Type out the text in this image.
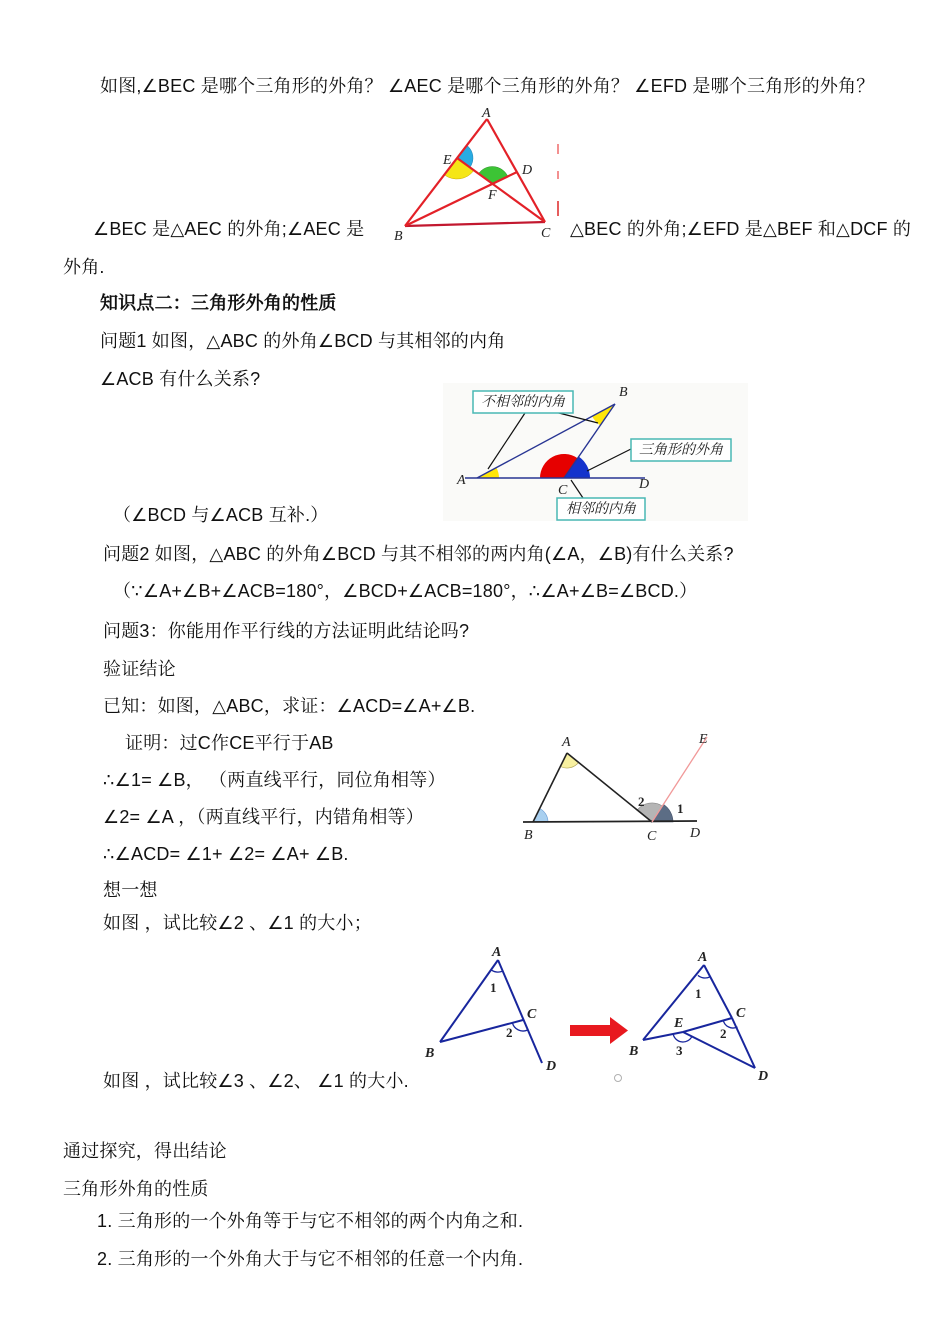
如图,∠BEC 是哪个三角形的外角？ ∠AEC 是哪个三角形的外角？ ∠EFD 是哪个三角形的外角？
∠BEC 是△AEC 的外角;∠AEC 是	△BEC 的外角;∠EFD 是△BEF 和△DCF 的
外角.
知识点二：三角形外角的性质
问题1 如图，△ABC 的外角∠BCD 与其相邻的内角
∠ACB 有什么关系?
（∠BCD 与∠ACB 互补.）
问题2 如图，△ABC 的外角∠BCD 与其不相邻的两内角(∠A，∠B)有什么关系?
（∵∠A+∠B+∠ACB=180°，∠BCD+∠ACB=180°，∴∠A+∠B=∠BCD.）
问题3：你能用作平行线的方法证明此结论吗?
验证结论
已知：如图，△ABC，求证：∠ACD=∠A+∠B.
证明：过C作CE平行于AB
∴∠1= ∠B， （两直线平行，同位角相等）
∠2= ∠A ，（两直线平行，内错角相等）
∴∠ACD= ∠1+ ∠2= ∠A+ ∠B.
想一想
如图 ，试比较∠2 、∠1 的大小；
如图 ，试比较∠3 、∠2、 ∠1 的大小.
通过探究，得出结论
三角形外角的性质
1. 三角形的一个外角等于与它不相邻的两个内角之和.
2. 三角形的一个外角大于与它不相邻的任意一个内角.
A
B	C
D
E
F
不相邻的内角
三角形的外角
相邻的内角
A
B
C	D
A
B	C D
E
2	1
A
B
C
D
1
2
A
B
C
E
D
1
2
3
